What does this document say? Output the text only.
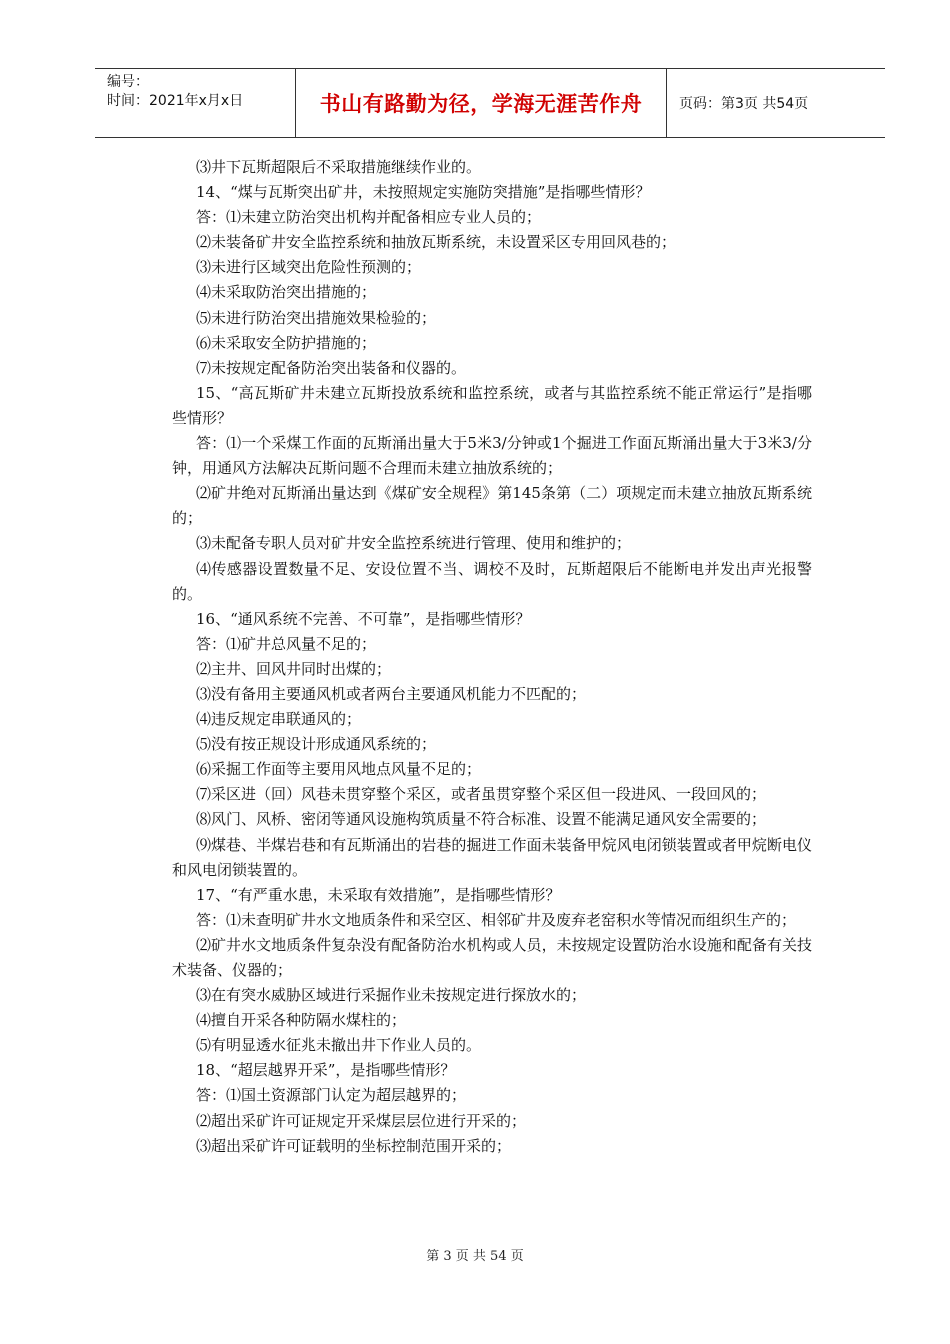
编号：
时间：2021年x月x日	书山有路勤为径，学海无涯苦作舟	页码：第3页 共54页

⑶井下瓦斯超限后不采取措施继续作业的。

14、“煤与瓦斯突出矿井，未按照规定实施防突措施”是指哪些情形？

答：⑴未建立防治突出机构并配备相应专业人员的；

⑵未装备矿井安全监控系统和抽放瓦斯系统，未设置采区专用回风巷的；

⑶未进行区域突出危险性预测的；

⑷未采取防治突出措施的；

⑸未进行防治突出措施效果检验的；

⑹未采取安全防护措施的；

⑺未按规定配备防治突出装备和仪器的。

15、“高瓦斯矿井未建立瓦斯投放系统和监控系统，或者与其监控系统不能正常运行”是指哪些情形？

答：⑴一个采煤工作面的瓦斯涌出量大于5米3/分钟或1个掘进工作面瓦斯涌出量大于3米3/分钟，用通风方法解决瓦斯问题不合理而未建立抽放系统的；

⑵矿井绝对瓦斯涌出量达到《煤矿安全规程》第145条第（二）项规定而未建立抽放瓦斯系统的；

⑶未配备专职人员对矿井安全监控系统进行管理、使用和维护的；

⑷传感器设置数量不足、安设位置不当、调校不及时，瓦斯超限后不能断电并发出声光报警的。

16、“通风系统不完善、不可靠”，是指哪些情形？

答：⑴矿井总风量不足的；

⑵主井、回风井同时出煤的；

⑶没有备用主要通风机或者两台主要通风机能力不匹配的；

⑷违反规定串联通风的；

⑸没有按正规设计形成通风系统的；

⑹采掘工作面等主要用风地点风量不足的；

⑺采区进（回）风巷未贯穿整个采区，或者虽贯穿整个采区但一段进风、一段回风的；

⑻风门、风桥、密闭等通风设施构筑质量不符合标准、设置不能满足通风安全需要的；

⑼煤巷、半煤岩巷和有瓦斯涌出的岩巷的掘进工作面未装备甲烷风电闭锁装置或者甲烷断电仪和风电闭锁装置的。

17、“有严重水患，未采取有效措施”，是指哪些情形？

答：⑴未查明矿井水文地质条件和采空区、相邻矿井及废弃老窑积水等情况而组织生产的；

⑵矿井水文地质条件复杂没有配备防治水机构或人员，未按规定设置防治水设施和配备有关技术装备、仪器的；

⑶在有突水威胁区域进行采掘作业未按规定进行探放水的；

⑷擅自开采各种防隔水煤柱的；

⑸有明显透水征兆未撤出井下作业人员的。

18、“超层越界开采”，是指哪些情形？

答：⑴国土资源部门认定为超层越界的；

⑵超出采矿许可证规定开采煤层层位进行开采的；

⑶超出采矿许可证载明的坐标控制范围开采的；

第 3 页 共 54 页
